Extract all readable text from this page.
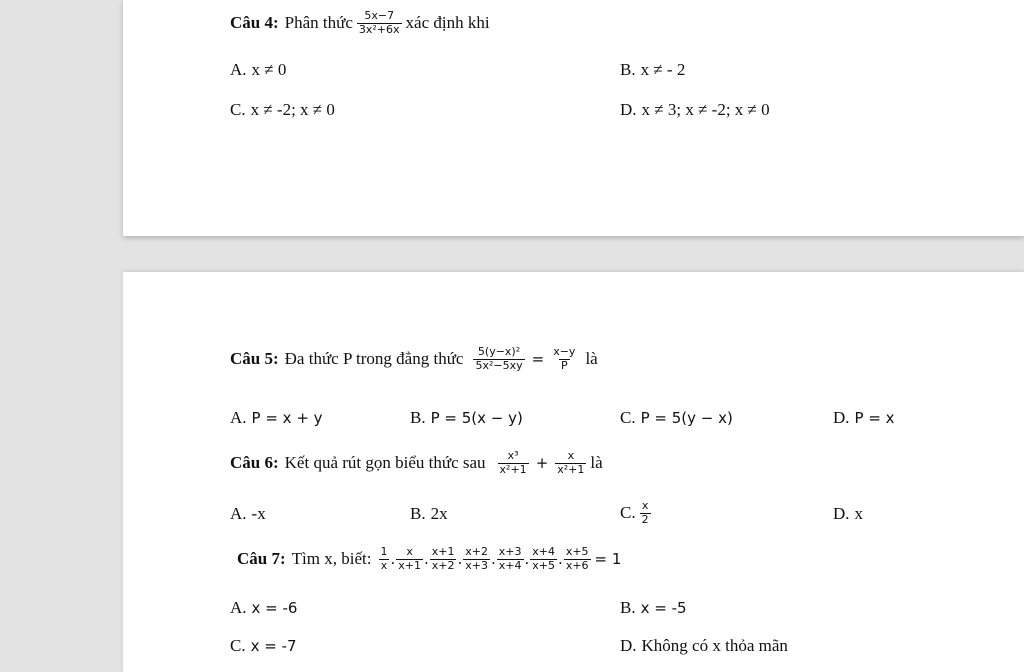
Câu 4: Phân thức $\frac{5x-7}{\text{3x²+6x}}$ xác định khi
A. x ≠ 0	B. x ≠ - 2
C. x ≠ -2; x ≠ 0	D. x ≠ 3; x ≠ -2; x ≠ 0
Câu 5: Đa thức P trong đẳng thức $\frac{\text{5(y−x)²}}{\text{5x²−5xy}} = \frac{x-y}{P}$ là
A. P = x + y	B. P = 5(x − y)	C. P = 5(y − x)	D. P = x
Câu 6: Kết quả rút gọn biểu thức sau $\frac{\text{x³}}{\text{x²+1}} + \frac{x}{\text{x²+1}}$ là
A. -x	B. 2x	C. $\frac{x}{2}$	D. x
Câu 7: Tìm x, biết: $\frac{1}{x}$ . $\frac{x}{x+1}$ . $\frac{x+1}{x+2}$ . $\frac{x+2}{x+3}$ . $\frac{x+3}{x+4}$ . $\frac{x+4}{x+5}$ . $\frac{x+5}{x+6} = 1$
A. x = -6	B. x = -5
C. x = -7	D. Không có x thỏa mãn
